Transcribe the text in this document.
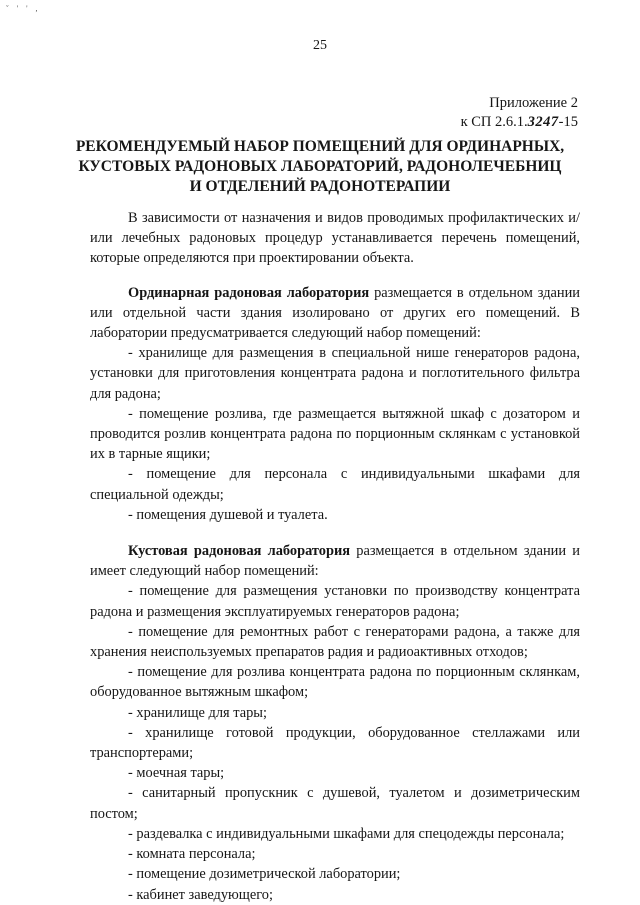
ˇ ' ' ,
25
Приложение 2
к СП 2.6.1.3247-15
РЕКОМЕНДУЕМЫЙ НАБОР ПОМЕЩЕНИЙ ДЛЯ ОРДИНАРНЫХ,
КУСТОВЫХ РАДОНОВЫХ ЛАБОРАТОРИЙ, РАДОНОЛЕЧЕБНИЦ
И ОТДЕЛЕНИЙ РАДОНОТЕРАПИИ

В зависимости от назначения и видов проводимых профилактических и/или лечебных радоновых процедур устанавливается перечень помещений, которые определяются при проектировании объекта.

Ординарная радоновая лаборатория размещается в отдельном здании или отдельной части здания изолировано от других его помещений. В лаборатории предусматривается следующий набор помещений:

- хранилище для размещения в специальной нише генераторов радона, установки для приготовления концентрата радона и поглотительного фильтра для радона;

- помещение розлива, где размещается вытяжной шкаф с дозатором и проводится розлив концентрата радона по порционным склянкам с установкой их в тарные ящики;

- помещение для персонала с индивидуальными шкафами для специальной одежды;

- помещения душевой и туалета.

Кустовая радоновая лаборатория размещается в отдельном здании и имеет следующий набор помещений:

- помещение для размещения установки по производству концентрата радона и размещения эксплуатируемых генераторов радона;

- помещение для ремонтных работ с генераторами радона, а также для хранения неиспользуемых препаратов радия и радиоактивных отходов;

- помещение для розлива концентрата радона по порционным склянкам, оборудованное вытяжным шкафом;

- хранилище для тары;

- хранилище готовой продукции, оборудованное стеллажами или транспортерами;

- моечная тары;

- санитарный пропускник с душевой, туалетом и дозиметрическим постом;

- раздевалка с индивидуальными шкафами для спецодежды персонала;

- комната персонала;

- помещение дозиметрической лаборатории;

- кабинет заведующего;
